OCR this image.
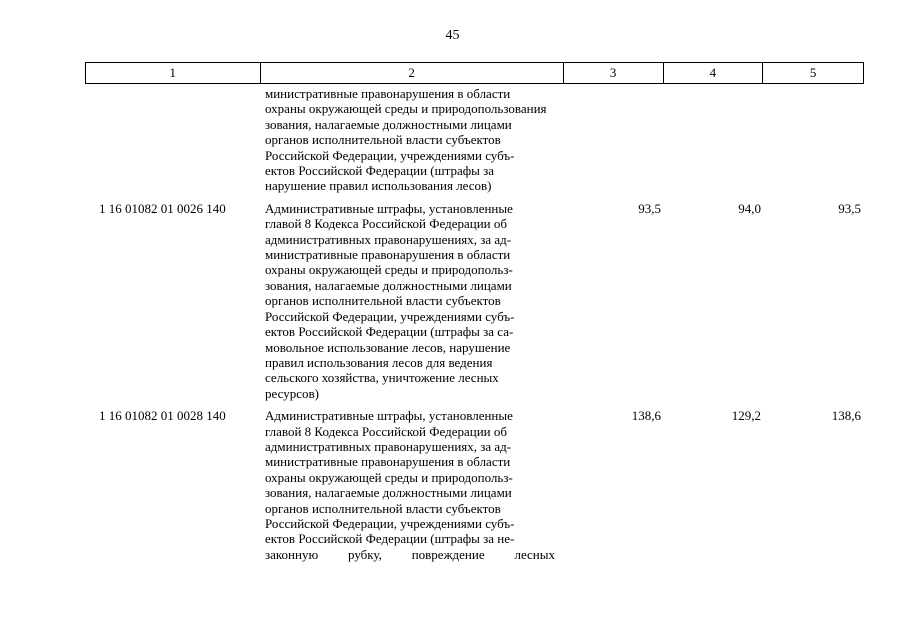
45
1	2	3	4	5
министративные правонарушения в области
охраны окружающей среды и природопользования
зования, налагаемые должностными лицами
органов исполнительной власти субъектов
Российской Федерации, учреждениями субъ-
ектов Российской Федерации (штрафы за
нарушение правил использования лесов)
1 16 01082 01 0026 140	Административные штрафы, установленные
главой 8 Кодекса Российской Федерации об
административных правонарушениях, за ад-
министративные правонарушения в области
охраны окружающей среды и природопольз-
зования, налагаемые должностными лицами
органов исполнительной власти субъектов
Российской Федерации, учреждениями субъ-
ектов Российской Федерации (штрафы за са-
мовольное использование лесов, нарушение
правил использования лесов для ведения
сельского хозяйства, уничтожение лесных
ресурсов)
93,5	94,0	93,5
1 16 01082 01 0028 140	Административные штрафы, установленные
главой 8 Кодекса Российской Федерации об
административных правонарушениях, за ад-
министративные правонарушения в области
охраны окружающей среды и природопольз-
зования, налагаемые должностными лицами
органов исполнительной власти субъектов
Российской Федерации, учреждениями субъ-
ектов Российской Федерации (штрафы за не-
законную рубку, повреждение лесных
138,6	129,2	138,6
